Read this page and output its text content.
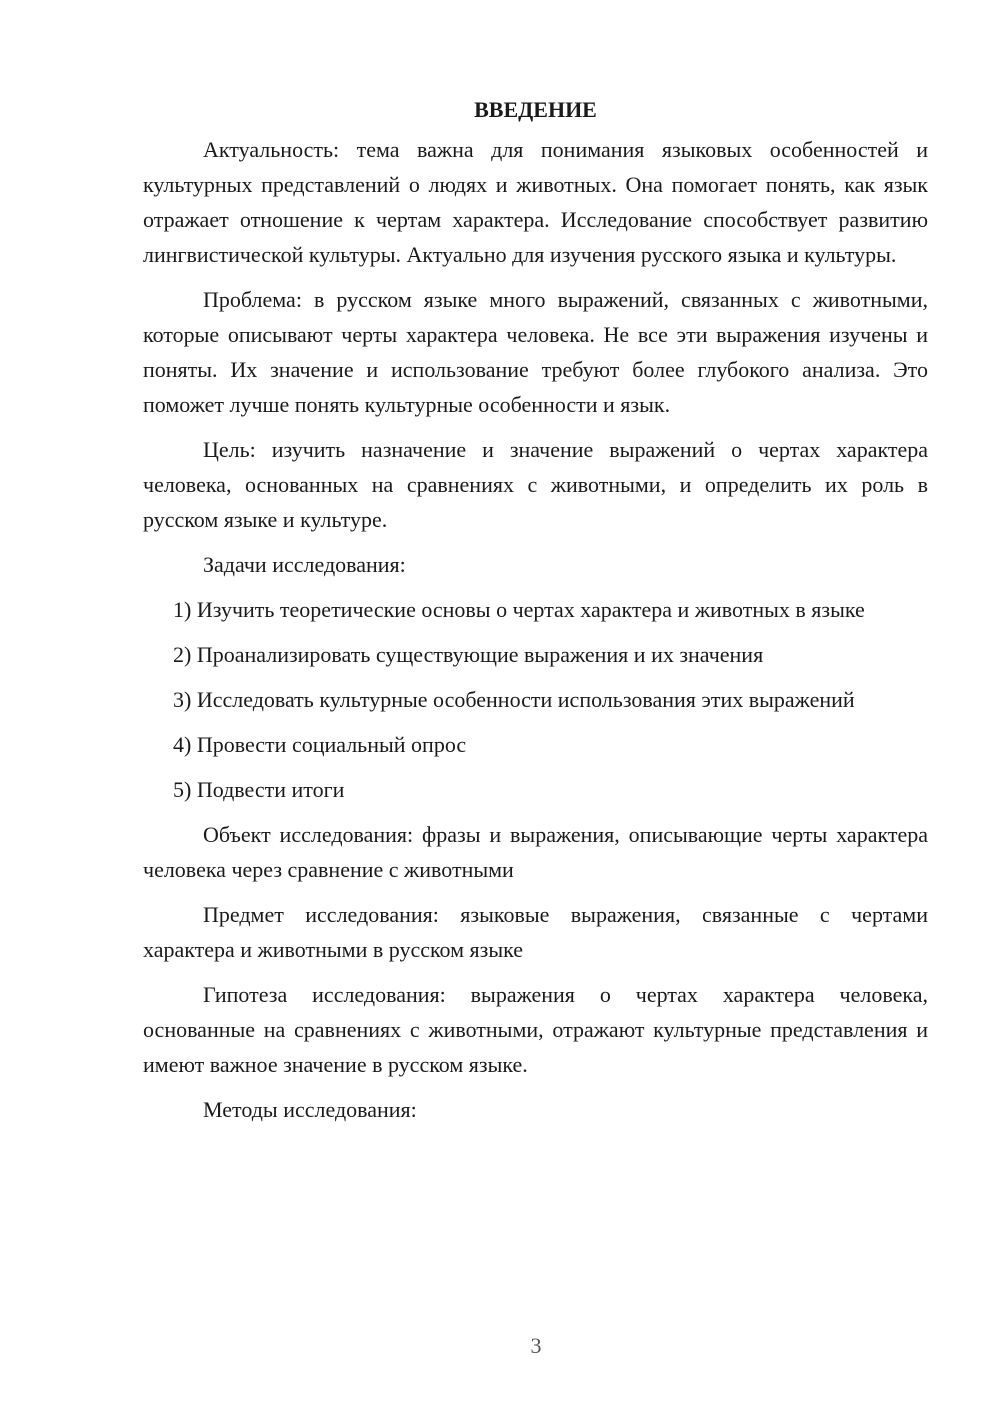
ВВЕДЕНИЕ

Актуальность: тема важна для понимания языковых особенностей и культурных представлений о людях и животных. Она помогает понять, как язык отражает отношение к чертам характера. Исследование способствует развитию лингвистической культуры. Актуально для изучения русского языка и культуры.

Проблема: в русском языке много выражений, связанных с животными, которые описывают черты характера человека. Не все эти выражения изучены и поняты. Их значение и использование требуют более глубокого анализа. Это поможет лучше понять культурные особенности и язык.

Цель: изучить назначение и значение выражений о чертах характера человека, основанных на сравнениях с животными, и определить их роль в русском языке и культуре.

Задачи исследования:

1) Изучить теоретические основы о чертах характера и животных в языке

2) Проанализировать существующие выражения и их значения

3) Исследовать культурные особенности использования этих выражений

4) Провести социальный опрос

5) Подвести итоги

Объект исследования: фразы и выражения, описывающие черты характера человека через сравнение с животными

Предмет исследования: языковые выражения, связанные с чертами характера и животными в русском языке

Гипотеза исследования: выражения о чертах характера человека, основанные на сравнениях с животными, отражают культурные представления и имеют важное значение в русском языке.

Методы исследования:

3
